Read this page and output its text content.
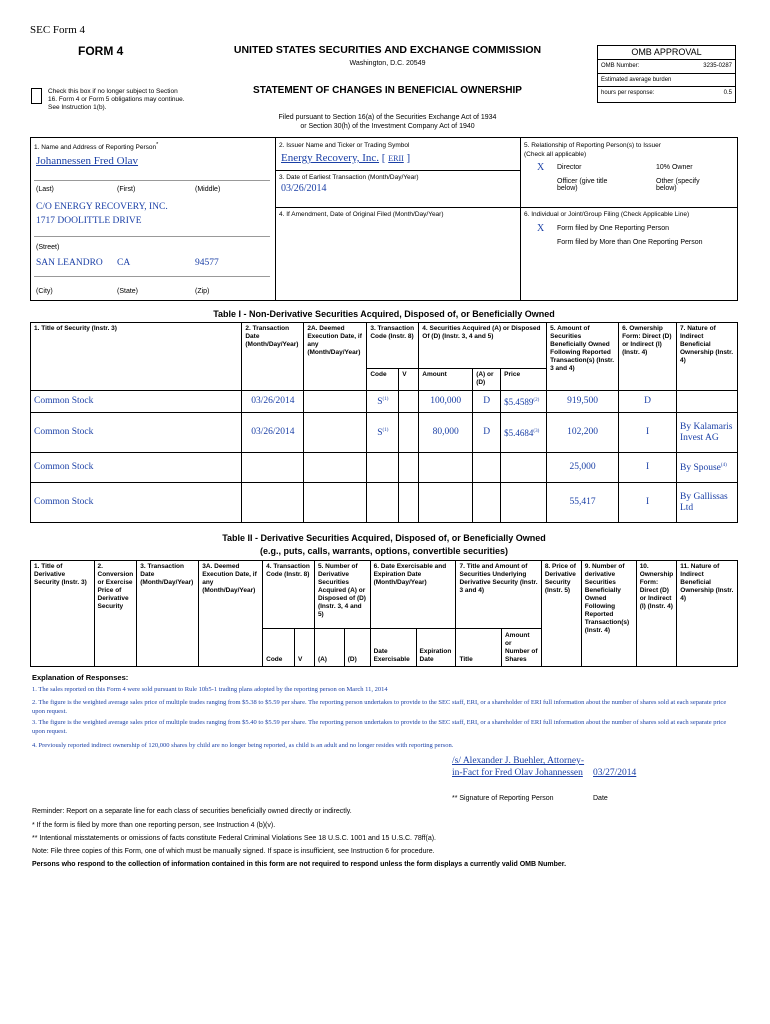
SEC Form 4
FORM 4	UNITED STATES SECURITIES AND EXCHANGE COMMISSION
Washington, D.C. 20549
Check this box if no longer subject to Section 16. Form 4 or Form 5 obligations may continue. See Instruction 1(b).
STATEMENT OF CHANGES IN BENEFICIAL OWNERSHIP
Filed pursuant to Section 16(a) of the Securities Exchange Act of 1934
or Section 30(h) of the Investment Company Act of 1940
OMB APPROVAL
OMB Number:	3235-0287
Estimated average burden
hours per response:	0.5
1. Name and Address of Reporting Person*
Johannessen Fred Olav
(Last)	(First)	(Middle)
C/O ENERGY RECOVERY, INC.
1717 DOOLITTLE DRIVE
(Street)
SAN LEANDRO CA	94577
(City)	(State)	(Zip)
2. Issuer Name and Ticker or Trading Symbol
Energy Recovery, Inc. [ ERII ]
3. Date of Earliest Transaction (Month/Day/Year)
03/26/2014
4. If Amendment, Date of Original Filed (Month/Day/Year)
5. Relationship of Reporting Person(s) to Issuer
(Check all applicable)
X Director	10% Owner
Officer (give title below)
Other (specify below)
6. Individual or Joint/Group Filing (Check Applicable Line)
X Form filed by One Reporting Person
Form filed by More than One Reporting Person
Table I - Non-Derivative Securities Acquired, Disposed of, or Beneficially Owned
1. Title of Security (Instr. 3)	2. Transaction Date (Month/Day/Year)	2A. Deemed Execution Date, if any (Month/Day/Year)	3. Transaction Code (Instr. 8)		4. Securities Acquired (A) or Disposed Of (D) (Instr. 3, 4 and 5)			5. Amount of Securities Beneficially Owned Following Reported Transaction(s) (Instr. 3 and 4)	6. Ownership Form: Direct (D) or Indirect (I) (Instr. 4)	7. Nature of Indirect Beneficial Ownership (Instr. 4)
			Code	V	Amount	(A) or (D)	Price			
Common Stock	03/26/2014		$S^{(1)}$		100,000	D	$5.4589$^{(2)}$	919,500	D	
Common Stock	03/26/2014		$S^{(1)}$		80,000	D	$5.4684$^{(3)}$	102,200	I	By Kalamaris Invest AG
Common Stock								25,000	I	By Spouse$^{(4)}$
Common Stock								55,417	I	By Gallissas Ltd
Table II - Derivative Securities Acquired, Disposed of, or Beneficially Owned
(e.g., puts, calls, warrants, options, convertible securities)
1. Title of Derivative Security (Instr. 3)	2. Conversion or Exercise Price of Derivative Security	3. Transaction Date (Month/Day/Year)	3A. Deemed Execution Date, if any (Month/Day/Year)	4. Transaction Code (Instr. 8)		5. Number of Derivative Securities Acquired (A) or Disposed of (D) (Instr. 3, 4 and 5)		6. Date Exercisable and Expiration Date (Month/Day/Year)		7. Title and Amount of Securities Underlying Derivative Security (Instr. 3 and 4)		8. Price of Derivative Security (Instr. 5)	9. Number of derivative Securities Beneficially Owned Following Reported Transaction(s) (Instr. 4)	10. Ownership Form: Direct (D) or Indirect (I) (Instr. 4)	11. Nature of Indirect Beneficial Ownership (Instr. 4)
				Code	V	(A)	(D)	Date Exercisable	Expiration Date	Title	Amount or Number of Shares				
Explanation of Responses:
1. The sales reported on this Form 4 were sold pursuant to Rule 10b5-1 trading plans adopted by the reporting person on March 11, 2014
2. The figure is the weighted average sales price of multiple trades ranging from $5.38 to $5.59 per share. The reporting person undertakes to provide to the SEC staff, ERI, or a shareholder of ERI full information about the number of shares sold at each separate price upon request.
3. The figure is the weighted average sales price of multiple trades ranging from $5.40 to $5.59 per share. The reporting person undertakes to provide to the SEC staff, ERI, or a shareholder of ERI full information about the number of shares sold at each separate price upon request.
4. Previously reported indirect ownership of 120,000 shares by child are no longer being reported, as child is an adult and no longer resides with reporting person.
/s/ Alexander J. Buehler, Attorney-in-Fact for Fred Olav Johannessen	03/27/2014
** Signature of Reporting Person	Date
Reminder: Report on a separate line for each class of securities beneficially owned directly or indirectly.
* If the form is filed by more than one reporting person, see Instruction 4 (b)(v).
** Intentional misstatements or omissions of facts constitute Federal Criminal Violations See 18 U.S.C. 1001 and 15 U.S.C. 78ff(a).
Note: File three copies of this Form, one of which must be manually signed. If space is insufficient, see Instruction 6 for procedure.
Persons who respond to the collection of information contained in this form are not required to respond unless the form displays a currently valid OMB Number.
